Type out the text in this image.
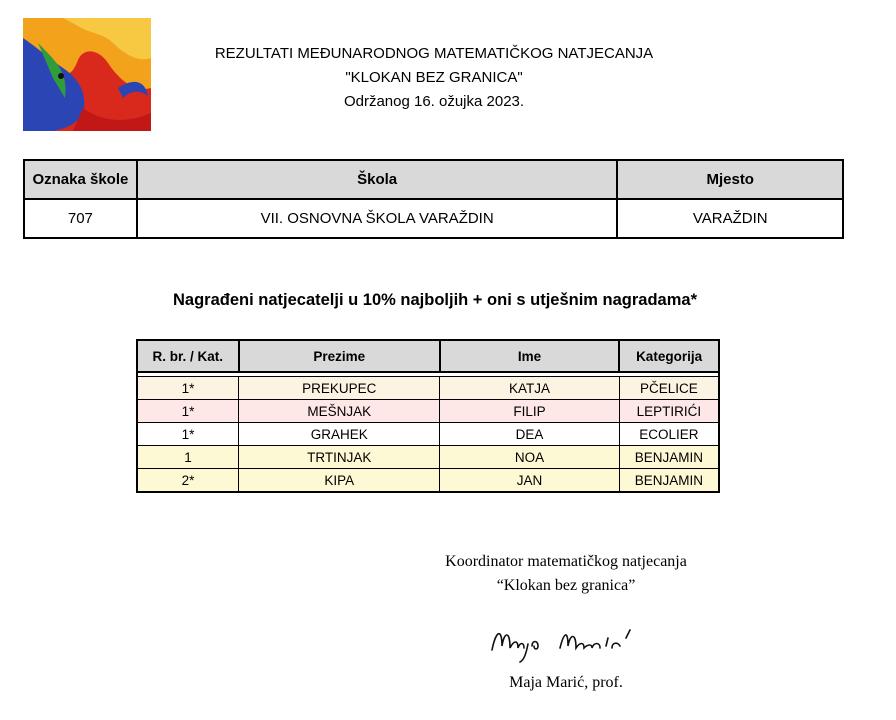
REZULTATI MEĐUNARODNOG MATEMATIČKOG NATJECANJA
"KLOKAN BEZ GRANICA"
Održanog 16. ožujka 2023.
Oznaka škole	Škola	Mjesto
707	VII. OSNOVNA ŠKOLA VARAŽDIN	VARAŽDIN
Nagrađeni natjecatelji u 10% najboljih + oni s utješnim nagradama*
R. br. / Kat.	Prezime	Ime	Kategorija

1*	PREKUPEC	KATJA	PČELICE
1*	MEŠNJAK	FILIP	LEPTIRIĆI
1*	GRAHEK	DEA	ECOLIER
1	TRTINJAK	NOA	BENJAMIN
2*	KIPA	JAN	BENJAMIN
Koordinator matematičkog natjecanja
“Klokan bez granica”
Maja Marić, prof.
